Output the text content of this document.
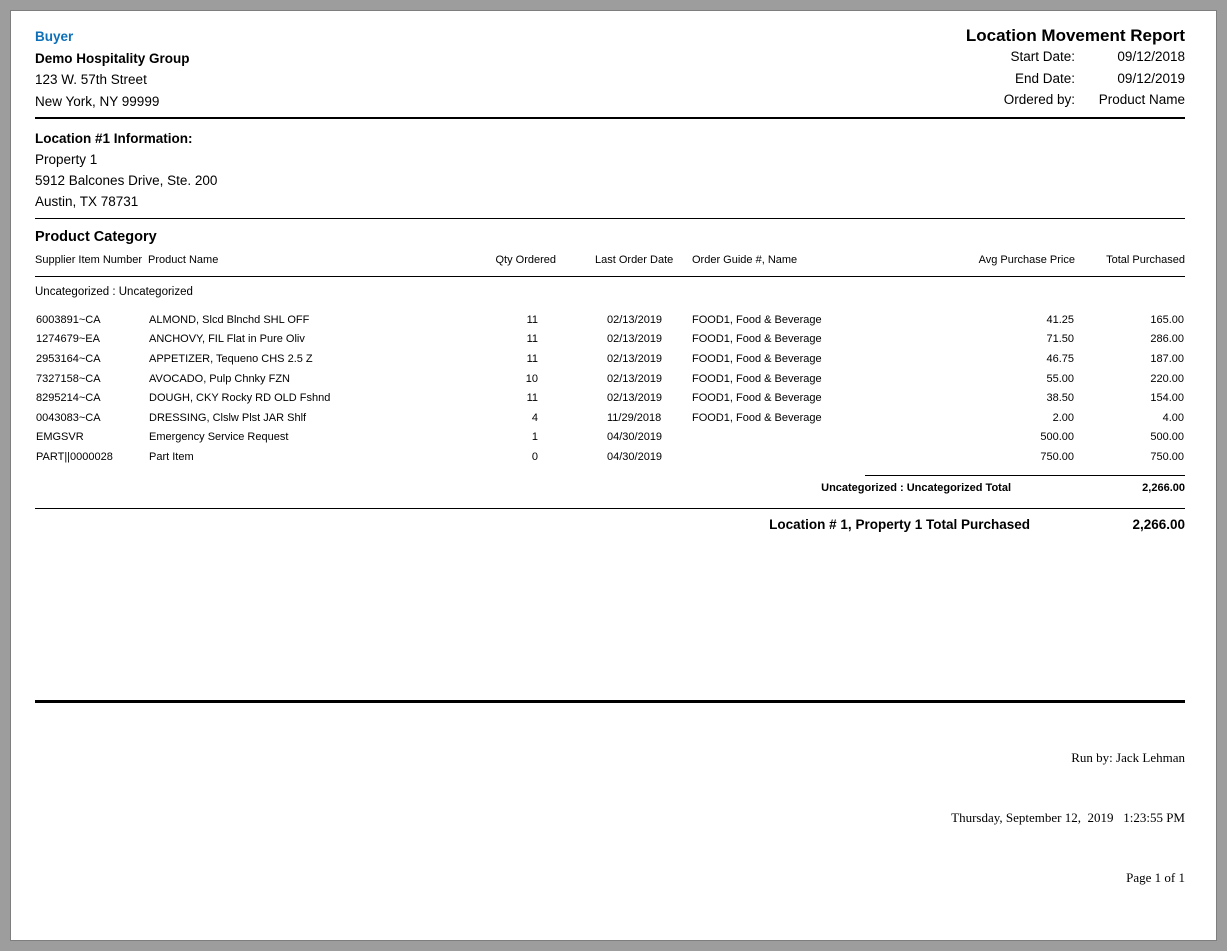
Buyer
Demo Hospitality Group
123 W. 57th Street
New York, NY 99999
Location Movement Report
Start Date:	09/12/2018
End Date:	09/12/2019
Ordered by:	Product Name
Location #1 Information:
Property 1
5912 Balcones Drive, Ste. 200
Austin, TX 78731
Product Category
Supplier Item Number	Product Name	Qty Ordered	Last Order Date	Order Guide #, Name	Avg Purchase Price	Total Purchased
Uncategorized : Uncategorized						
6003891~CA	ALMOND, Slcd Blnchd SHL OFF	11	02/13/2019	FOOD1, Food & Beverage	41.25	165.00
1274679~EA	ANCHOVY, FIL Flat in Pure Oliv	11	02/13/2019	FOOD1, Food & Beverage	71.50	286.00
2953164~CA	APPETIZER, Tequeno CHS 2.5 Z	11	02/13/2019	FOOD1, Food & Beverage	46.75	187.00
7327158~CA	AVOCADO, Pulp Chnky FZN	10	02/13/2019	FOOD1, Food & Beverage	55.00	220.00
8295214~CA	DOUGH, CKY Rocky RD OLD Fshnd	11	02/13/2019	FOOD1, Food & Beverage	38.50	154.00
0043083~CA	DRESSING, Clslw Plst JAR Shlf	4	11/29/2018	FOOD1, Food & Beverage	2.00	4.00
EMGSVR	Emergency Service Request	1	04/30/2019		500.00	500.00
PART||0000028	Part Item	0	04/30/2019		750.00	750.00
Uncategorized : Uncategorized Total	2,266.00
Location # 1, Property 1 Total Purchased	2,266.00

Run by: Jack Lehman

Thursday, September 12,  2019   1:23:55 PM

Page 1 of 1
